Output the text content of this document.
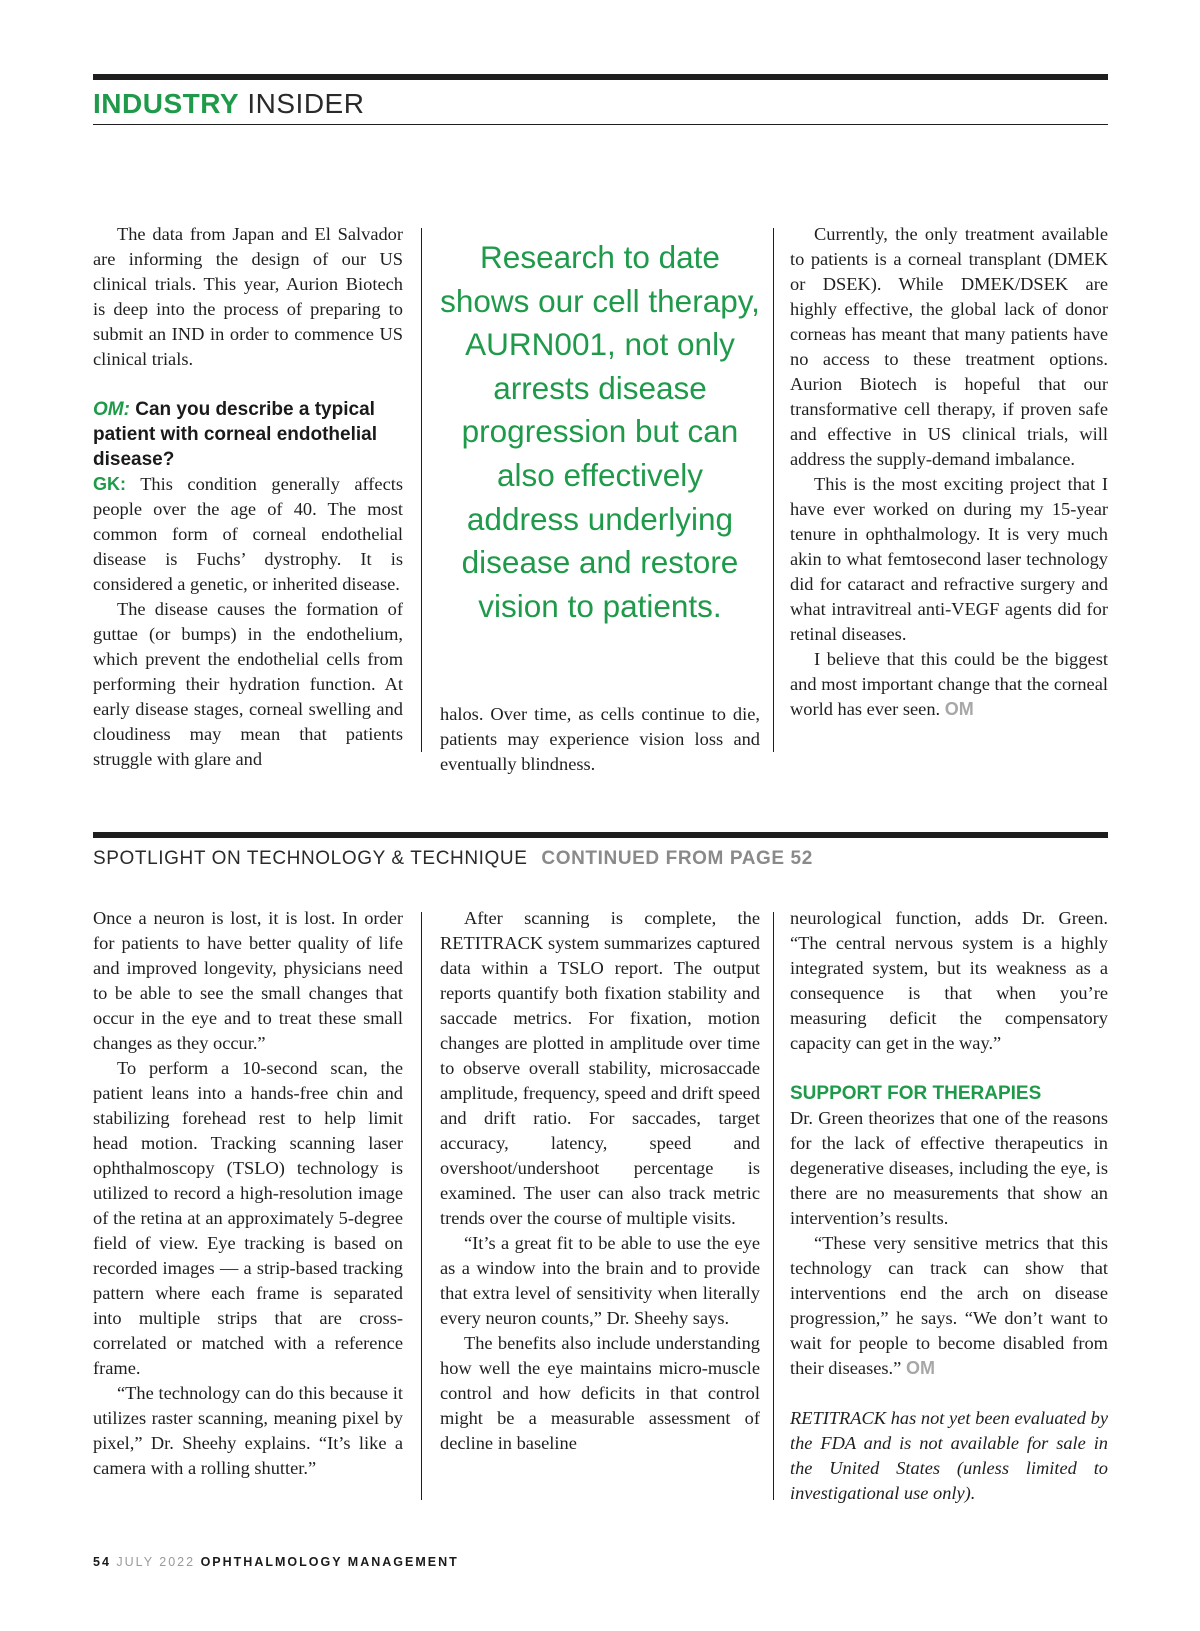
INDUSTRY INSIDER

The data from Japan and El Salvador are informing the design of our US clinical trials. This year, Aurion Biotech is deep into the process of preparing to submit an IND in order to commence US clinical trials.

OM: Can you describe a typical patient with corneal endothelial disease?

GK: This condition generally affects people over the age of 40. The most common form of corneal endothelial disease is Fuchs’ dystrophy. It is considered a genetic, or inherited disease.

The disease causes the formation of guttae (or bumps) in the endothelium, which prevent the endothelial cells from performing their hydration function. At early disease stages, corneal swelling and cloudiness may mean that patients struggle with glare and

Research to date shows our cell therapy, AURN001, not only arrests disease progression but can also effectively address underlying disease and restore vision to patients.

halos. Over time, as cells continue to die, patients may experience vision loss and eventually blindness.

Currently, the only treatment available to patients is a corneal transplant (DMEK or DSEK). While DMEK/DSEK are highly effective, the global lack of donor corneas has meant that many patients have no access to these treatment options. Aurion Biotech is hopeful that our transformative cell therapy, if proven safe and effective in US clinical trials, will address the supply-demand imbalance.

This is the most exciting project that I have ever worked on during my 15-year tenure in ophthalmology. It is very much akin to what femtosecond laser technology did for cataract and refractive surgery and what intravitreal anti-VEGF agents did for retinal diseases.

I believe that this could be the biggest and most important change that the corneal world has ever seen. OM

SPOTLIGHT ON TECHNOLOGY & TECHNIQUE CONTINUED FROM PAGE 52

Once a neuron is lost, it is lost. In order for patients to have better quality of life and improved longevity, physicians need to be able to see the small changes that occur in the eye and to treat these small changes as they occur.”

To perform a 10-second scan, the patient leans into a hands-free chin and stabilizing forehead rest to help limit head motion. Tracking scanning laser ophthalmoscopy (TSLO) technology is utilized to record a high-resolution image of the retina at an approximately 5-degree field of view. Eye tracking is based on recorded images — a strip-based tracking pattern where each frame is separated into multiple strips that are cross-correlated or matched with a reference frame.

“The technology can do this because it utilizes raster scanning, meaning pixel by pixel,” Dr. Sheehy explains. “It’s like a camera with a rolling shutter.”

After scanning is complete, the RETITRACK system summarizes captured data within a TSLO report. The output reports quantify both fixation stability and saccade metrics. For fixation, motion changes are plotted in amplitude over time to observe overall stability, microsaccade amplitude, frequency, speed and drift speed and drift ratio. For saccades, target accuracy, latency, speed and overshoot/undershoot percentage is examined. The user can also track metric trends over the course of multiple visits.

“It’s a great fit to be able to use the eye as a window into the brain and to provide that extra level of sensitivity when literally every neuron counts,” Dr. Sheehy says.

The benefits also include understanding how well the eye maintains micro-muscle control and how deficits in that control might be a measurable assessment of decline in baseline

neurological function, adds Dr. Green. “The central nervous system is a highly integrated system, but its weakness as a consequence is that when you’re measuring deficit the compensatory capacity can get in the way.”

SUPPORT FOR THERAPIES

Dr. Green theorizes that one of the reasons for the lack of effective therapeutics in degenerative diseases, including the eye, is there are no measurements that show an intervention’s results.

“These very sensitive metrics that this technology can track can show that interventions end the arch on disease progression,” he says. “We don’t want to wait for people to become disabled from their diseases.” OM

RETITRACK has not yet been evaluated by the FDA and is not available for sale in the United States (unless limited to investigational use only).

54 JULY 2022 OPHTHALMOLOGY MANAGEMENT
